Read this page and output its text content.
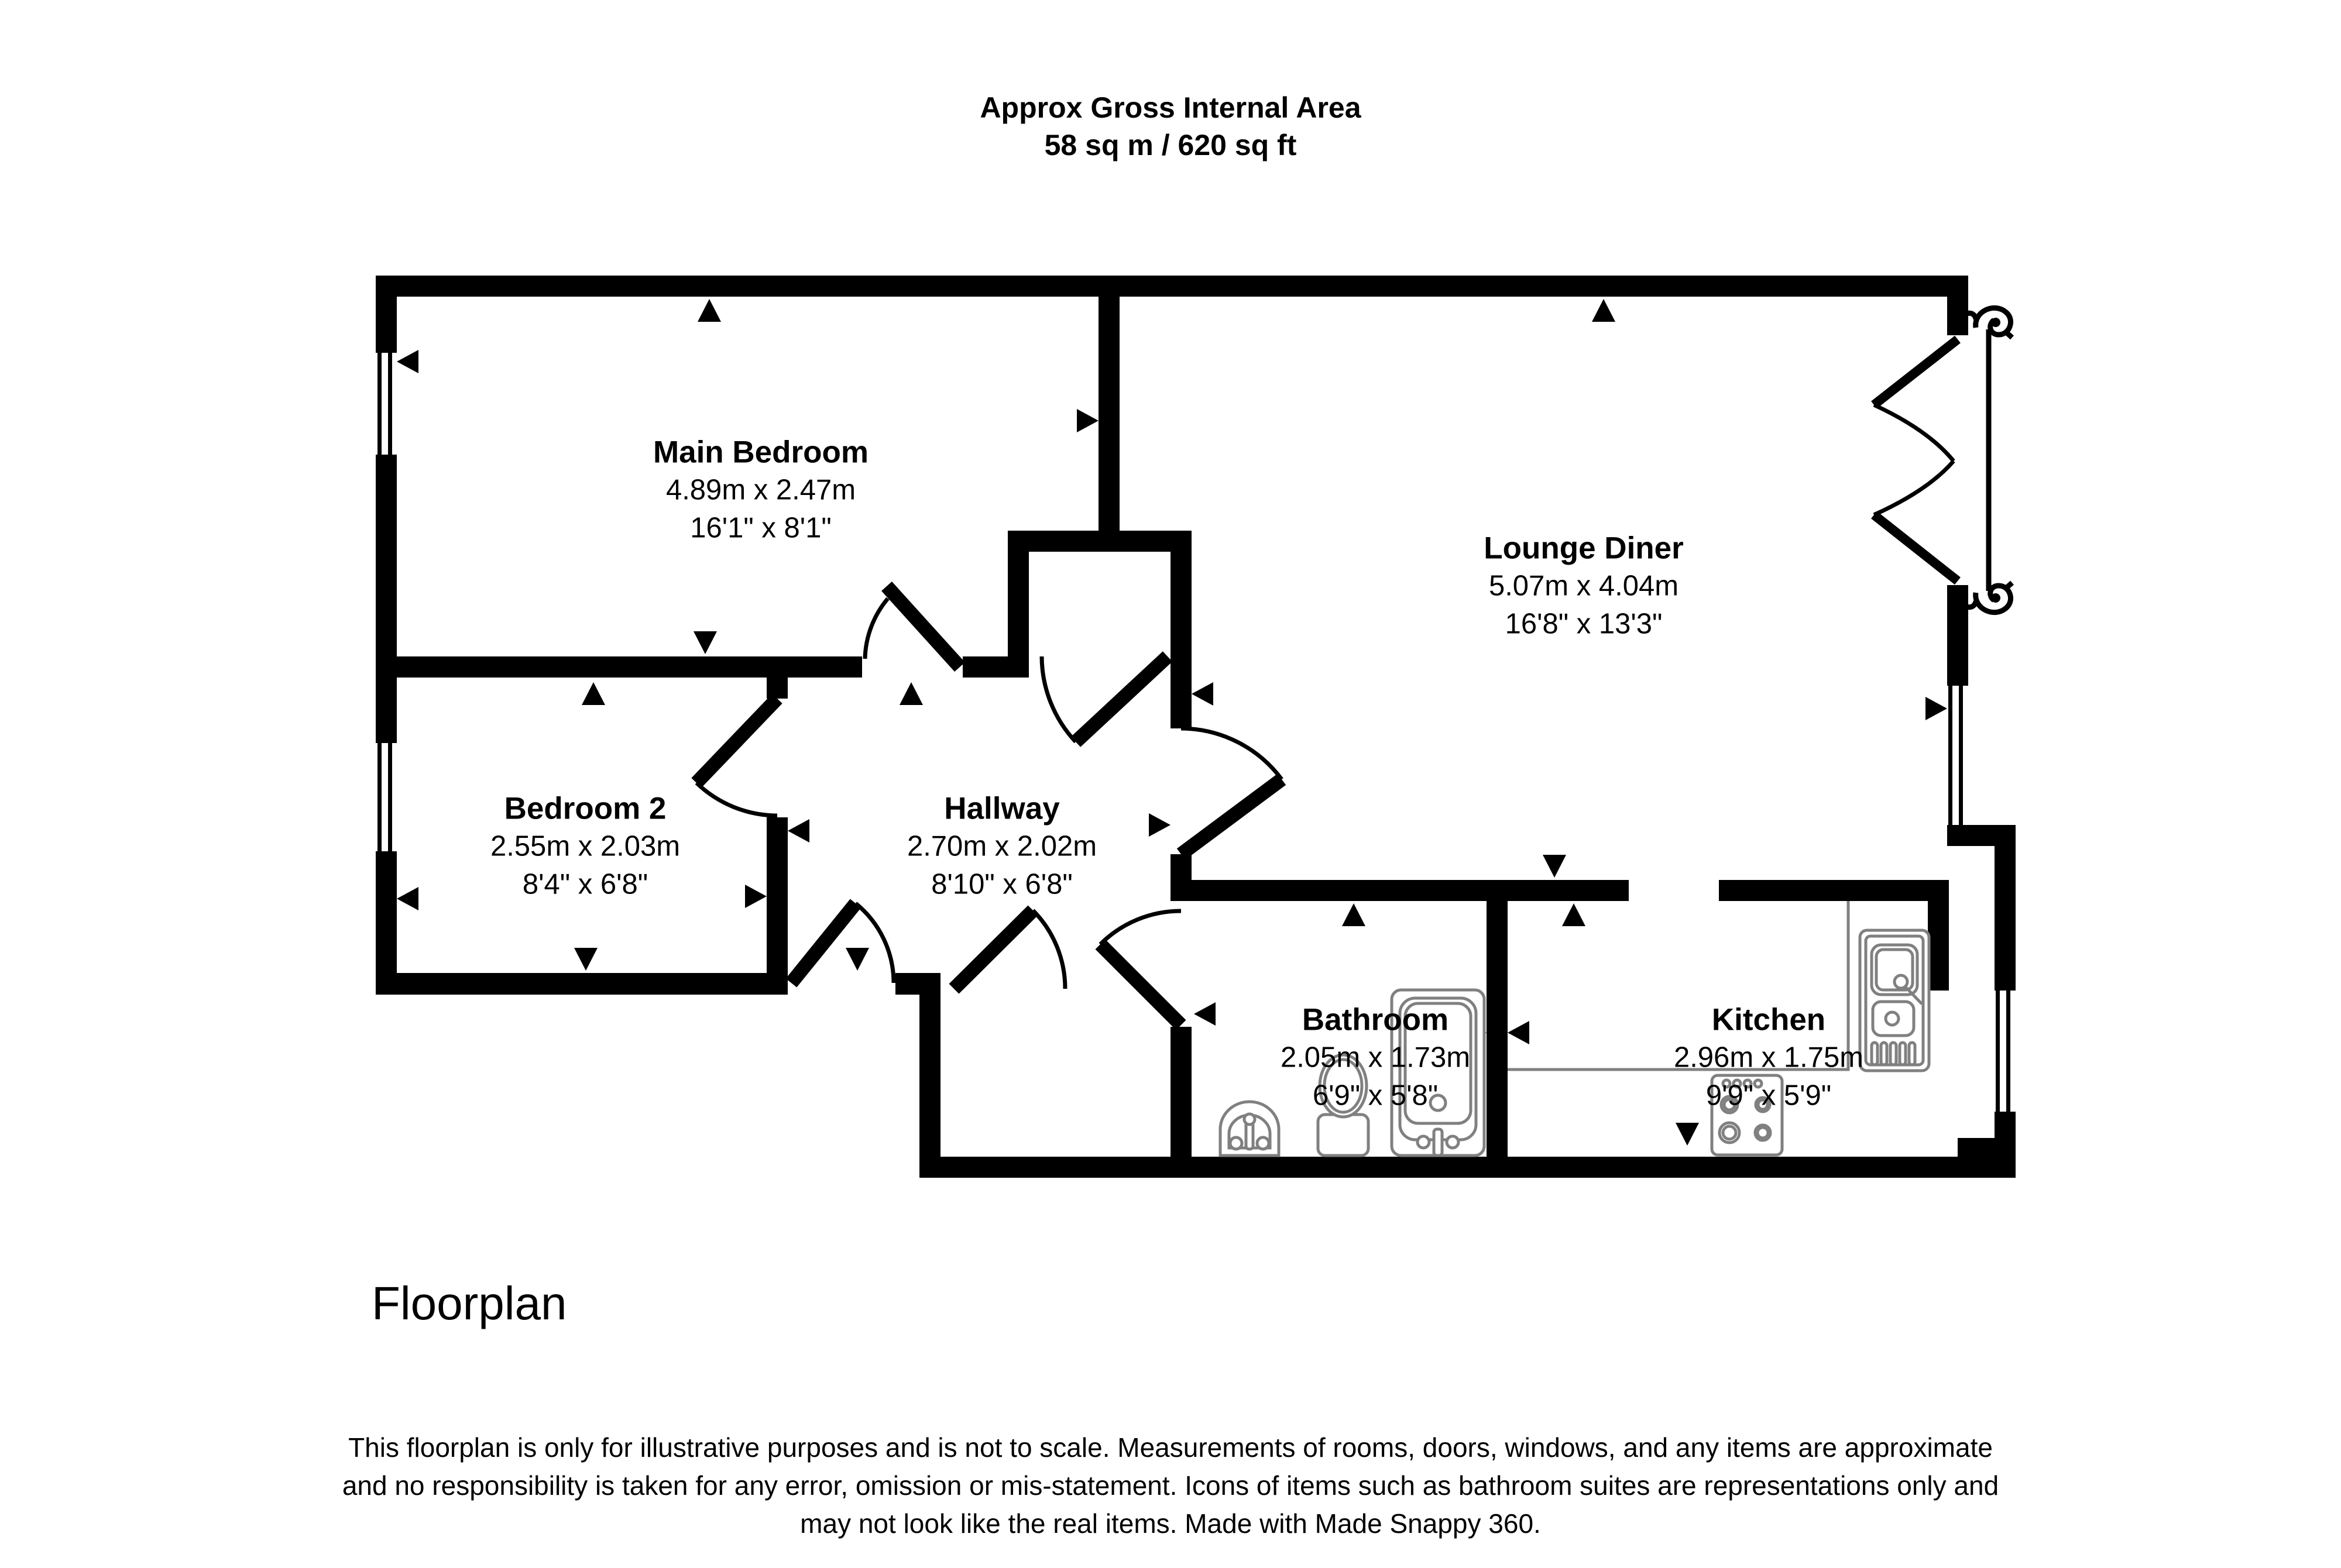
Approx Gross Internal Area
58 sq m / 620 sq ft
Main Bedroom
4.89m x 2.47m
16'1" x 8'1"
Lounge Diner
5.07m x 4.04m
16'8" x 13'3"
Bedroom 2
2.55m x 2.03m
8'4" x 6'8"
Hallway
2.70m x 2.02m
8'10" x 6'8"
Bathroom
2.05m x 1.73m
6'9" x 5'8"
Kitchen
2.96m x 1.75m
9'9" x 5'9"
Floorplan
This floorplan is only for illustrative purposes and is not to scale. Measurements of rooms, doors, windows, and any items are approximate
and no responsibility is taken for any error, omission or mis-statement. Icons of items such as bathroom suites are representations only and
may not look like the real items. Made with Made Snappy 360.
